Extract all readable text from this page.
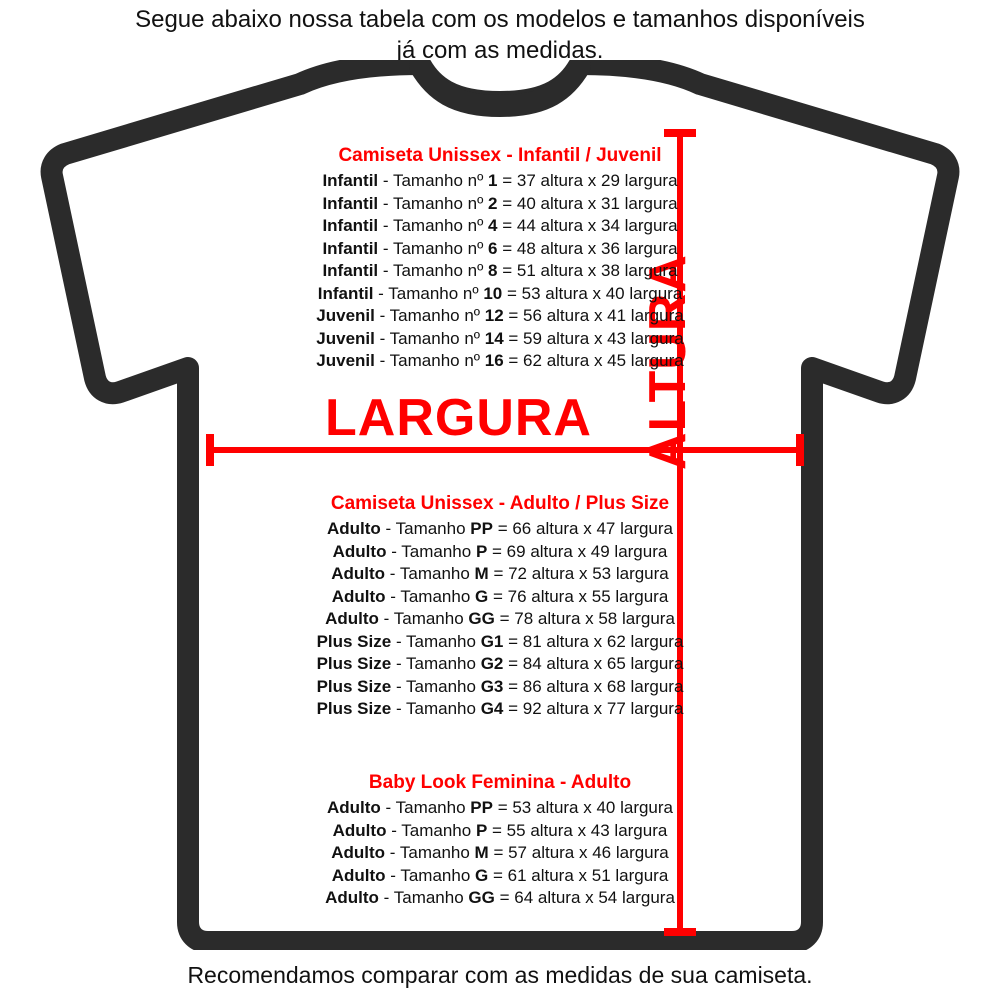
Segue abaixo nossa tabela com os modelos e tamanhos disponíveis
já com as medidas.
LARGURA ALTURA
Camiseta Unissex - Infantil / Juvenil
Infantil - Tamanho nº 1 = 37 altura x 29 largura
Infantil - Tamanho nº 2 = 40 altura x 31 largura
Infantil - Tamanho nº 4 = 44 altura x 34 largura
Infantil - Tamanho nº 6 = 48 altura x 36 largura
Infantil - Tamanho nº 8 = 51 altura x 38 largura
Infantil - Tamanho nº 10 = 53 altura x 40 largura
Juvenil - Tamanho nº 12 = 56 altura x 41 largura
Juvenil - Tamanho nº 14 = 59 altura x 43 largura
Juvenil - Tamanho nº 16 = 62 altura x 45 largura
Camiseta Unissex - Adulto / Plus Size
Adulto - Tamanho PP = 66 altura x 47 largura
Adulto - Tamanho P = 69 altura x 49 largura
Adulto - Tamanho M = 72 altura x 53 largura
Adulto - Tamanho G = 76 altura x 55 largura
Adulto - Tamanho GG = 78 altura x 58 largura
Plus Size - Tamanho G1 = 81 altura x 62 largura
Plus Size - Tamanho G2 = 84 altura x 65 largura
Plus Size - Tamanho G3 = 86 altura x 68 largura
Plus Size - Tamanho G4 = 92 altura x 77 largura
Baby Look Feminina - Adulto
Adulto - Tamanho PP = 53 altura x 40 largura
Adulto - Tamanho P = 55 altura x 43 largura
Adulto - Tamanho M = 57 altura x 46 largura
Adulto - Tamanho G = 61 altura x 51 largura
Adulto - Tamanho GG = 64 altura x 54 largura
Recomendamos comparar com as medidas de sua camiseta.
